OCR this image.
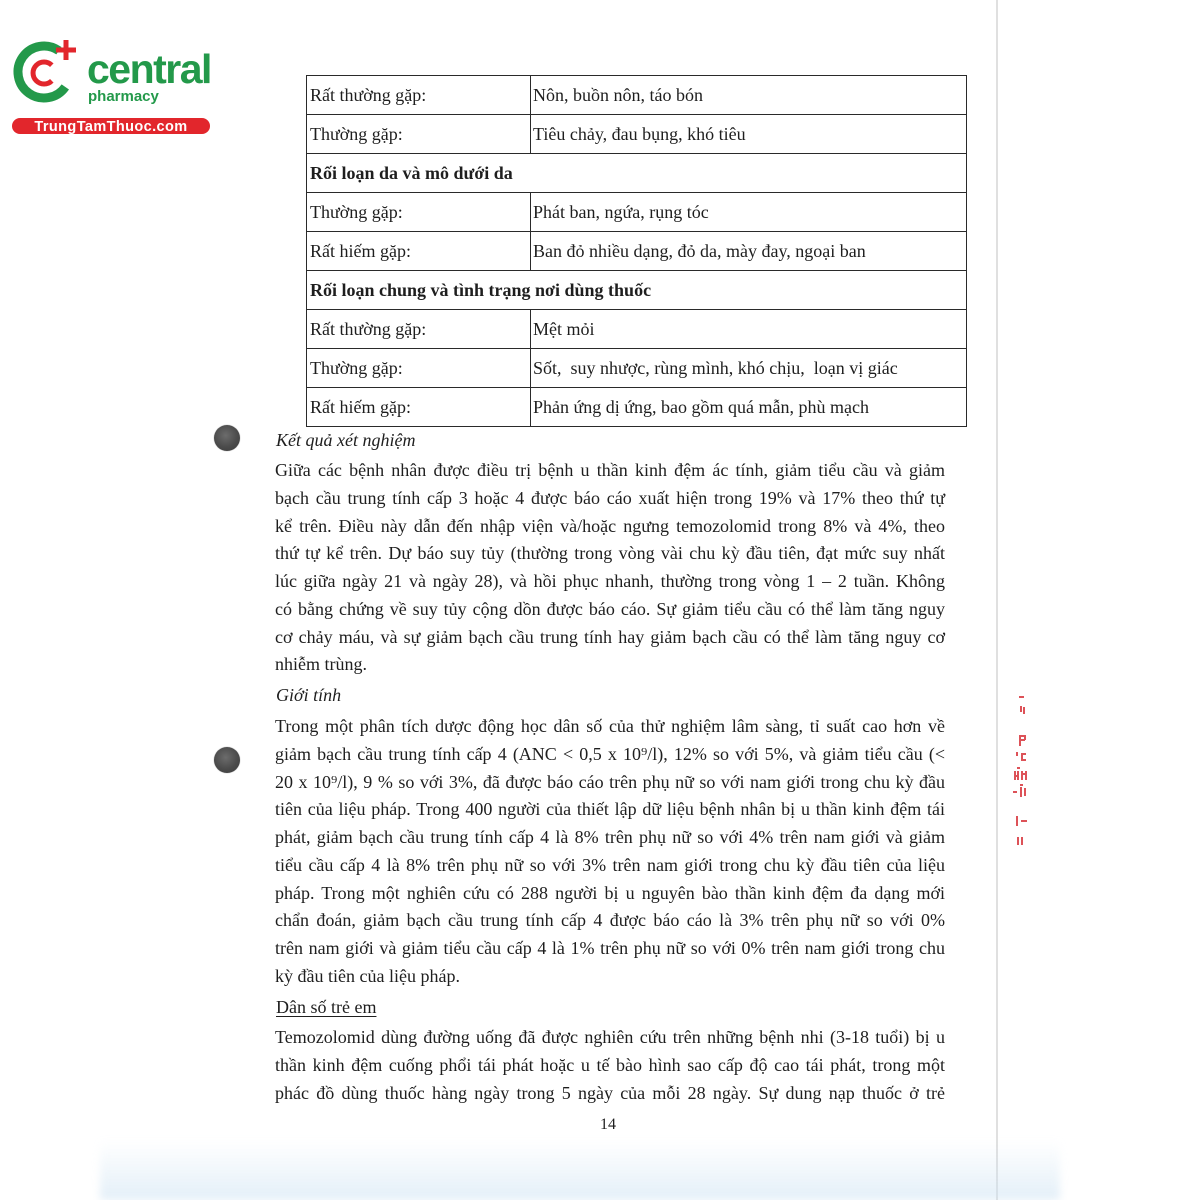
central
pharmacy
TrungTamThuoc.com
Rất thường gặp:	Nôn, buồn nôn, táo bón
Thường gặp:	Tiêu chảy, đau bụng, khó tiêu
Rối loạn da và mô dưới da
Thường gặp:	Phát ban, ngứa, rụng tóc
Rất hiếm gặp:	Ban đỏ nhiều dạng, đỏ da, mày đay, ngoại ban
Rối loạn chung và tình trạng nơi dùng thuốc
Rất thường gặp:	Mệt mỏi
Thường gặp:	Sốt,  suy nhược, rùng mình, khó chịu,  loạn vị giác
Rất hiếm gặp:	Phản ứng dị ứng, bao gồm quá mẫn, phù mạch
Kết quả xét nghiệm
Giữa các bệnh nhân được điều trị bệnh u thần kinh đệm ác tính, giảm tiểu cầu và giảm
bạch cầu trung tính cấp 3 hoặc 4 được báo cáo xuất hiện trong 19% và 17% theo thứ tự
kể trên. Điều này dẫn đến nhập viện và/hoặc ngưng temozolomid trong 8% và 4%, theo
thứ tự kể trên. Dự báo suy tủy (thường trong vòng vài chu kỳ đầu tiên, đạt mức suy nhất
lúc giữa ngày 21 và ngày 28), và hồi phục nhanh, thường trong vòng 1 – 2 tuần. Không
có bằng chứng về suy tủy cộng dồn được báo cáo. Sự giảm tiểu cầu có thể làm tăng nguy
cơ chảy máu, và sự giảm bạch cầu trung tính hay giảm bạch cầu có thể làm tăng nguy cơ
nhiễm trùng.
Giới tính
Trong một phân tích dược động học dân số của thử nghiệm lâm sàng, tỉ suất cao hơn về
giảm bạch cầu trung tính cấp 4 (ANC < 0,5 x 10⁹/l), 12% so với 5%, và giảm tiểu cầu (<
20 x 10⁹/l), 9 % so với 3%, đã được báo cáo trên phụ nữ so với nam giới trong chu kỳ đầu
tiên của liệu pháp. Trong 400 người của thiết lập dữ liệu bệnh nhân bị u thần kinh đệm tái
phát, giảm bạch cầu trung tính cấp 4 là 8% trên phụ nữ so với 4% trên nam giới và giảm
tiểu cầu cấp 4 là 8% trên phụ nữ so với 3% trên nam giới trong chu kỳ đầu tiên của liệu
pháp. Trong một nghiên cứu có 288 người bị u nguyên bào thần kinh đệm đa dạng mới
chẩn đoán, giảm bạch cầu trung tính cấp 4 được báo cáo là 3% trên phụ nữ so với 0%
trên nam giới và giảm tiểu cầu cấp 4 là 1% trên phụ nữ so với 0% trên nam giới trong chu
kỳ đầu tiên của liệu pháp.
Dân số trẻ em
Temozolomid dùng đường uống đã được nghiên cứu trên những bệnh nhi (3-18 tuổi) bị u
thần kinh đệm cuống phổi tái phát hoặc u tế bào hình sao cấp độ cao tái phát, trong một
phác đồ dùng thuốc hàng ngày trong 5 ngày của mỗi 28 ngày. Sự dung nạp thuốc ở trẻ
14
